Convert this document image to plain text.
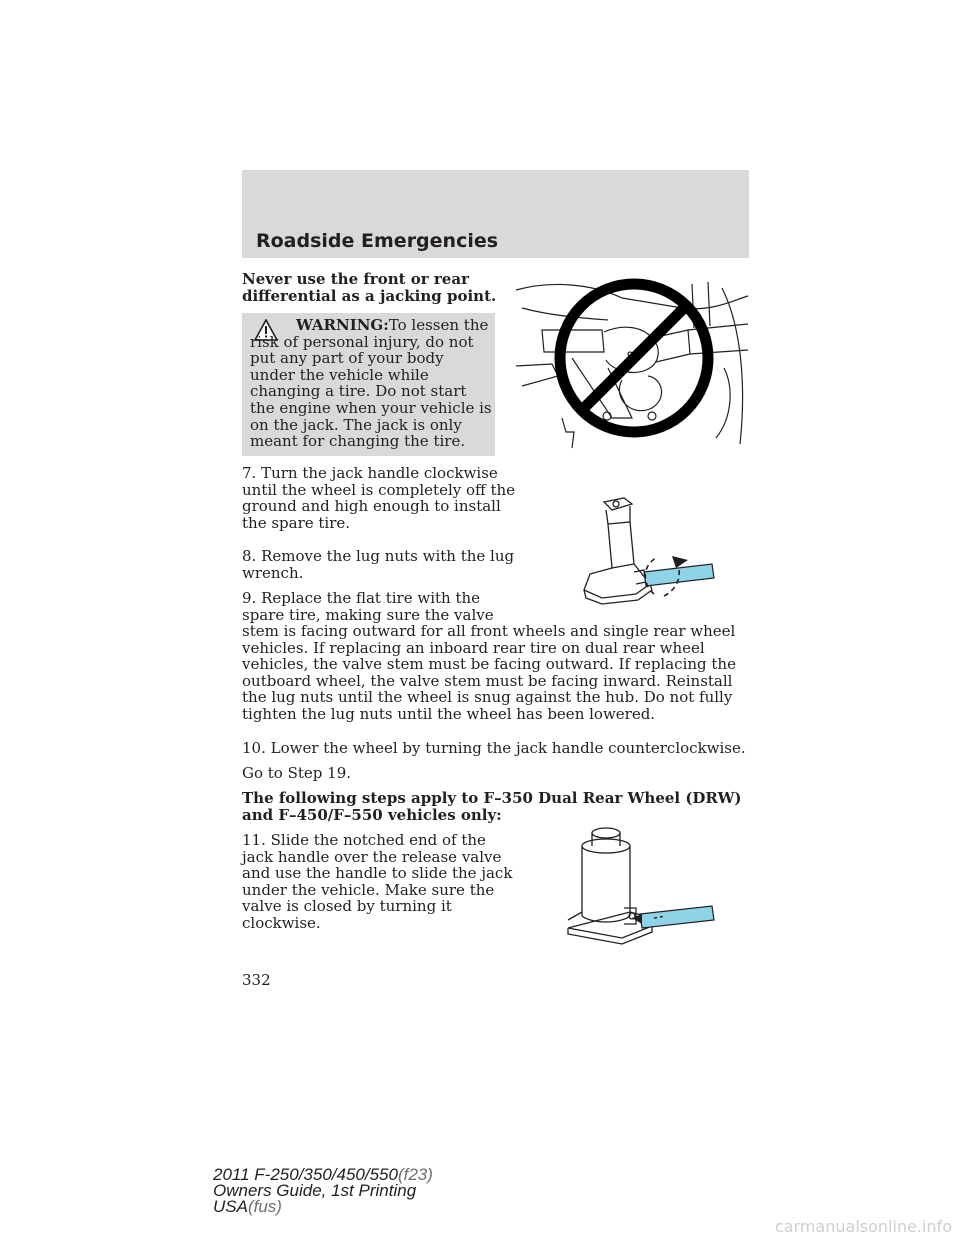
Roadside Emergencies
Never use the front or rear
differential as a jacking point.

WARNING:To lessen the risk of personal injury, do not put any part of your body under the vehicle while changing a tire. Do not start the engine when your vehicle is on the jack. The jack is only meant for changing the tire.

7. Turn the jack handle clockwise
until the wheel is completely off the
ground and high enough to install
the spare tire.
8. Remove the lug nuts with the lug
wrench.
9. Replace the flat tire with the
spare tire, making sure the valve

stem is facing outward for all front wheels and single rear wheel vehicles. If replacing an inboard rear tire on dual rear wheel vehicles, the valve stem must be facing outward. If replacing the outboard wheel, the valve stem must be facing inward. Reinstall the lug nuts until the wheel is snug against the hub. Do not fully tighten the lug nuts until the wheel has been lowered.

10. Lower the wheel by turning the jack handle counterclockwise.
Go to Step 19.

The following steps apply to F–350 Dual Rear Wheel (DRW) and F–450/F–550 vehicles only:

11. Slide the notched end of the
jack handle over the release valve
and use the handle to slide the jack
under the vehicle. Make sure the
valve is closed by turning it
clockwise.
332
2011 F-250/350/450/550(f23)
Owners Guide, 1st Printing
USA(fus)
carmanualsonline.info
